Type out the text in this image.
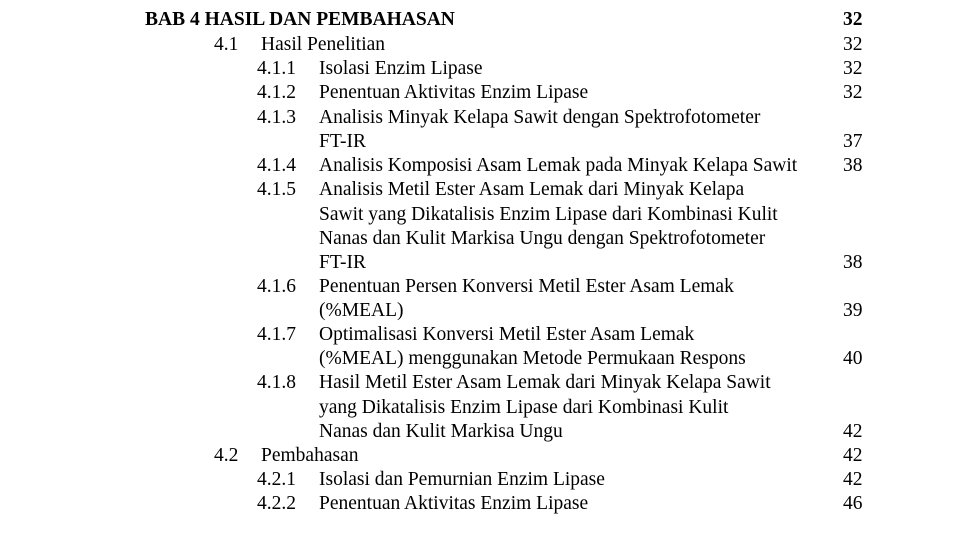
BAB 4 HASIL DAN PEMBAHASAN	32
4.1 Hasil Penelitian	32
4.1.1 Isolasi Enzim Lipase	32
4.1.2 Penentuan Aktivitas Enzim Lipase	32
4.1.3 Analisis Minyak Kelapa Sawit dengan Spektrofotometer
FT-IR	37
4.1.4 Analisis Komposisi Asam Lemak pada Minyak Kelapa Sawit 38
4.1.5 Analisis Metil Ester Asam Lemak dari Minyak Kelapa
Sawit yang Dikatalisis Enzim Lipase dari Kombinasi Kulit
Nanas dan Kulit Markisa Ungu dengan Spektrofotometer
FT-IR	38
4.1.6 Penentuan Persen Konversi Metil Ester Asam Lemak
(%MEAL)	39
4.1.7 Optimalisasi Konversi Metil Ester Asam Lemak
(%MEAL) menggunakan Metode Permukaan Respons	40
4.1.8 Hasil Metil Ester Asam Lemak dari Minyak Kelapa Sawit
yang Dikatalisis Enzim Lipase dari Kombinasi Kulit
Nanas dan Kulit Markisa Ungu	42
4.2 Pembahasan	42
4.2.1 Isolasi dan Pemurnian Enzim Lipase	42
4.2.2 Penentuan Aktivitas Enzim Lipase	46
